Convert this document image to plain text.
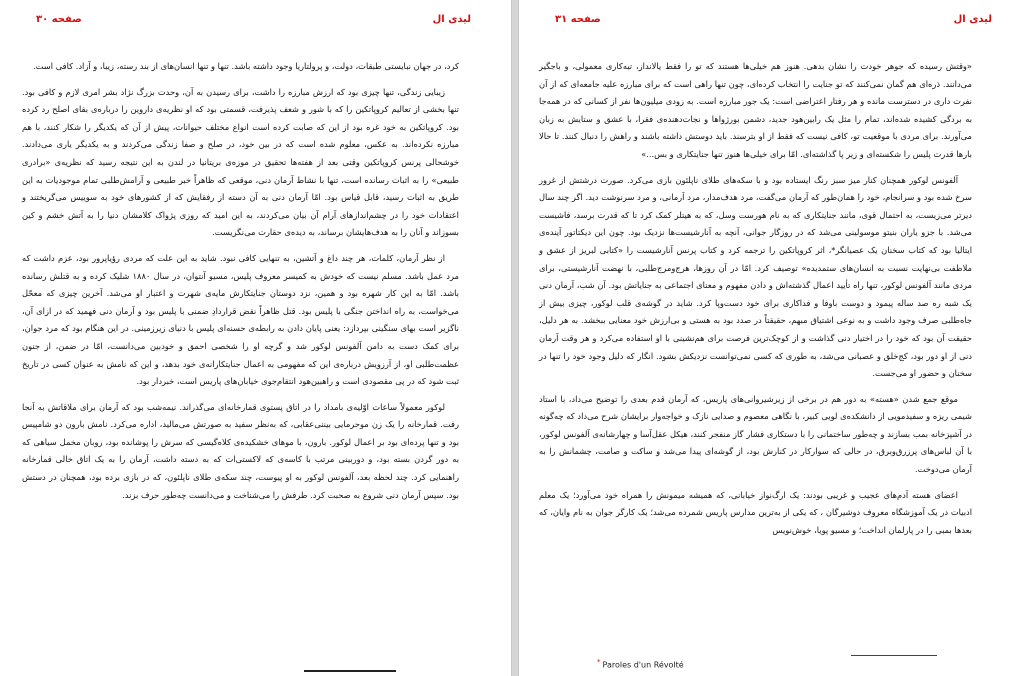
لیدی ال
صفحه ۳۰

کرد، در جهان نبایستی طبقات، دولت، و پرولتاریا وجود داشته باشد. تنها و تنها انسان‌های از بند رسته، زیبا، و آزاد. کافی است.

زیبایی زندگی، تنها چیزی بود که ارزش مبارزه را داشت، برای رسیدن به آن، وحدت بزرگ نژاد بشر امری لازم و کافی بود. تنها بخشی از تعالیم کروپاتکین را که با شور و شعف پذیرفت، قسمتی بود که او نظریه‌ی داروین را درباره‌ی بقای اصلح رد کرده بود. کروپاتکین به خود غره بود از این که صابت کرده است انواع مختلف حیوانات، پیش از آن که یکدیگر را شکار کنند، با هم مبارزه نکرده‌اند. به عکس، معلوم شده است که در بین خود، در صلح و صفا زندگی می‌کردند و به یکدیگر یاری می‌دادند. خوشحالی پرنس کروپاتکین وقتی بعد از هفته‌ها تحقیق در موزه‌ی بریتانیا در لندن به این نتیجه رسید که نظریه‌ی «برادری طبیعی» را به اثبات رسانده است، تنها با نشاط آرمان دنی، موقعی که ظاهراً خبر طبیعی و آرامش‌طلبی تمام موجودیات به این طریق به اثبات رسید، قابل قیاس بود. امّا آرمان دنی به آن دسته از رفقایش که از کشورهای خود به سوییس می‌گریختند و اعتقادات خود را در چشم‌اندازهای آرام آن بیان می‌کردند، به این امید که روزی پژواک کلامشان دنیا را به آتش خشم و کین بسوزاند و آنان را به هدف‌هایشان برساند، به دیده‌ی حقارت می‌نگریست.

از نظر آرمان، کلمات، هر چند داغ و آتشین، به تنهایی کافی نبود. شاید به این علت که مردی رؤیاپرور بود، عزم داشت که مرد عمل باشد. مسلم نیست که خودش به کمیسر معروف پلیس، مسیو آنتوان، در سال ۱۸۸۰ شلیک کرده و به قتلش رسانده باشد. امّا به این کار شهره بود و همین، نزد دوستان جنایتکارش مایه‌ی شهرت و اعتبار او می‌شد. آخرین چیزی که معحّل می‌خواست، به راه انداختن جنگی با پلیس بود. قتل ظاهراً نقض قراردادِ ضمنی با پلیس بود و آرمان دنی فهمید که در ازای آن، ناگزیر است بهای سنگینی بپردازد: یعنی پایان دادن به رابطه‌ی حسنه‌ای پلیس با دنیای زیرزمینی. در این هنگام بود که مرد جوان، برای کمک دست به دامن آلفونس لوکور شد و گرچه او را شخصی احمق و خودبین می‌دانست، امّا در ضمن، از جنون عظمت‌طلبی او، از آرزویش درباره‌ی این که مفهومی به اعمال جنایتکارانه‌ی خود بدهد، و این که نامش به عنوان کسی در تاریخ ثبت شود که در پی مقصودی است و راهبین‌هود انتقام‌جوی خیابان‌های پاریس است، خبردار بود.

لوکور معمولاً ساعات اوّلیه‌ی بامداد را در اتاق پستوی قمارخانه‌ای می‌گذراند. نیمه‌شب بود که آرمان برای ملاقاتش به آنجا رفت. قمارخانه را یک زن موحرمایی بیننی‌عقابی، که به‌نظر سفید به صورتش می‌مالید، اداره می‌کرد. نامش بارون دو شامپیس بود و تنها پرده‌ای بود بر اعمال لوکور. بارون، با موهای خشکیده‌ی کلاه‌گیسی که سرش را پوشانده بود، روبان مخمل سیاهی که به دور گردن بسته بود، و دوربینی مرتب با کاسه‌ی که لاکستی‌ات که به دسته داشت، آرمان را به یک اتاق خالی قمارخانه راهنمایی کرد. چند لحظه بعد، آلفونس لوکور به او پیوست، چند سکه‌ی طلای ناپلئون، که در بازی برده بود، همچنان در دستش بود. سپس آرمان دنی شروع به صحبت کرد. طرفش را می‌شناخت و می‌دانست چه‌طور حرف بزند.

لیدی ال
صفحه ۳۱

«وقتش رسیده که جوهر خودت را نشان بدهی. هنوز هم خیلی‌ها هستند که تو را فقط یالانداز، تبه‌کاری معمولی، و باجگیر می‌دانند. ذره‌ای هم گمان نمی‌کنند که تو جنایت را انتخاب کرده‌ای، چون تنها راهی است که برای مبارزه علیه جامعه‌ای که از آن نفرت داری در دسترست مانده و هر رفتار اعتراضی است: یک جور مبارزه است. به زودی میلیون‌ها نفر از کسانی که در همه‌جا به بردگی کشیده شده‌اند، تمام را مثل یک رابین‌هود جدید، دشمن بورژواها و نجات‌دهنده‌ی فقرا، با عشق و ستایش به زبان می‌آورند. برای مردی با موقعیت تو، کافی نیست که فقط از او بترسند. باید دوستش داشته باشند و راهش را دنبال کنند. تا حالا بارها قدرت پلیس را شکسته‌ای و زیر پا گذاشته‌ای. امّا برای خیلی‌ها هنوز تنها جنایتکاری و بس...»

آلفونس لوکور همچنان کنار میز سبز رنگ ایستاده بود و با سکه‌های طلای ناپلئون بازی می‌کرد. صورت درشتش از غرور سرخ شده بود و سرانجام، خود را همان‌طور که آرمان می‌گفت، مرد هدف‌مدار، مرد آرمانی، و مرد سرنوشت دید. اگر چند سال دیرتر می‌زیست، به احتمال قوی، مانند جنایتکاری که به نام هورست وسل، که به هیتلر کمک کرد تا که قدرت برسد، فاشیست می‌شد. با جزو یاران بنیتو موسولینی می‌شد که در روزگار جوانی، آنچه به آنارشیست‌ها نزدیک بود. چون این دیکتاتور آینده‌ی ایتالیا بود که کتاب سخنان یک عصیانگر*، اثر کروپاتکین را ترجمه کرد و کتاب پرنس آنارشیست را «کتابی لبریز از عشق و ملاطفت بی‌نهایت نسبت به انسان‌های ستمدیده» توصیف کرد. امّا در آن روزها، هرج‌ومرج‌طلبی، با نهضت آنارشیستی، برای مردی مانند آلفونس لوکور، تنها راه تأیید اعمال گذشته‌اش و دادن مفهوم و معنای اجتماعی به جنایاتش بود. آن شب، آرمان دنی یک شبه ره صد ساله پیمود و دوست باوفا و فداکاری برای خود دست‌وپا کرد. شاید در گوشه‌ی قلب لوکور، چیزی بیش از جاه‌طلبی صرف وجود داشت و به نوعی اشتیاق مبهم، حقیقتاً در صدد بود به هستی و بی‌ارزش خود معنایی ببخشد. به هر دلیل، حقیقت آن بود که خود را در اختیار دنی گذاشت و از کوچک‌ترین فرصت برای هم‌نشینی با او استفاده می‌کرد و هر وقت آرمان دنی از او دور بود، کج‌خلق و عصبانی می‌شد، به طوری که کسی نمی‌توانست نزدیکش بشود. انگار که دلیل وجود خود را تنها در سخنان و حضور او می‌جست.

موقع جمع شدن «هسته» به دور هم در برخی از زیرشیروانی‌های پاریس، که آرمان قدم بعدی را توضیح می‌داد، با استاد شیمی ریزه و سفیدمویی از دانشکده‌ی لویی کبیر، با نگاهی معصوم و صدایی نازک و خواجه‌وار برایشان شرح می‌داد که چه‌گونه در آشپزخانه بمب بسازند و چه‌طور ساختمانی را با دستکاری فشار گاز منفجر کنند، هیکل عقل‌آسا و چهارشانه‌ی آلفونس لوکور، با آن لباس‌های پرزرق‌وبرق، در حالی که سوارکار در کنارش بود، از گوشه‌ای پیدا می‌شد و ساکت و صامت، چشمانش را به آرمان می‌دوخت.

اعضای هسته آدم‌های عجیب و غریبی بودند: یک ارگ‌نواز خیابانی، که همیشه میمونش را همراه خود می‌آورد؛ یک معلم ادبیات در یک آموزشگاه معروف دوشیرگان ، که یکی از به‌ترین مدارس پاریس شمرده می‌شد؛ یک کارگر جوان به نام وایان، که بعدها بمبی را در پارلمان انداخت؛ و مسیو پویا، خوش‌نویس

* Paroles d'un Révolté
